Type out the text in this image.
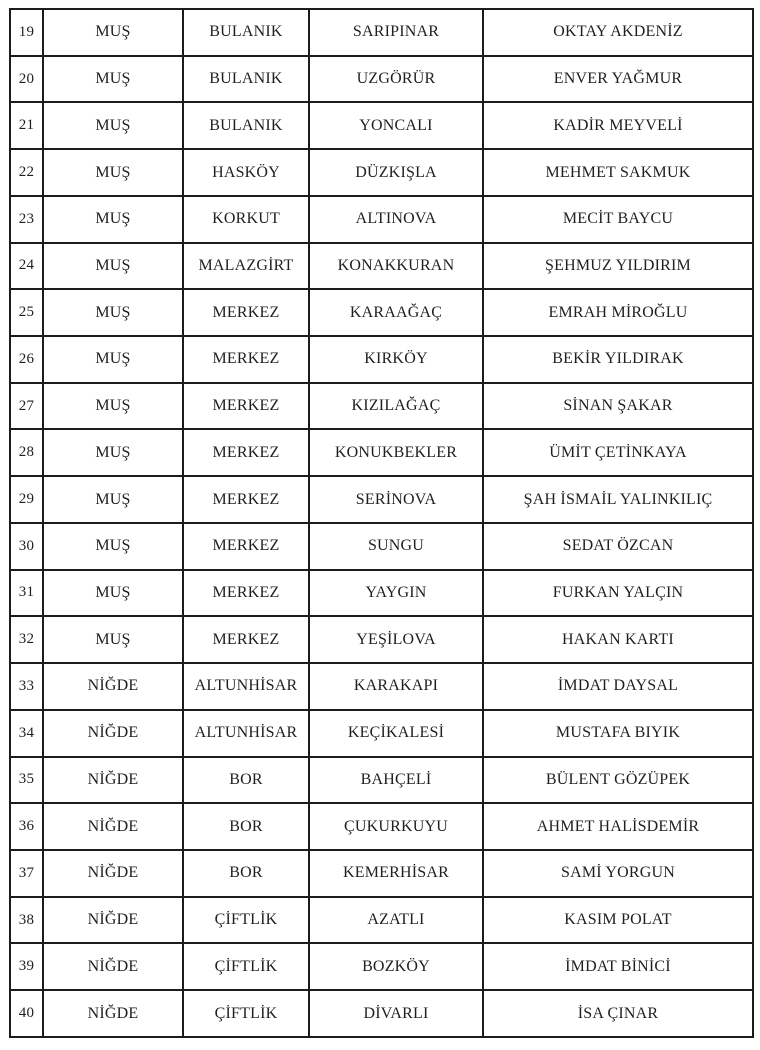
19	MUŞ	BULANIK	SARIPINAR	OKTAY AKDENİZ
20	MUŞ	BULANIK	UZGÖRÜR	ENVER YAĞMUR
21	MUŞ	BULANIK	YONCALI	KADİR MEYVELİ
22	MUŞ	HASKÖY	DÜZKIŞLA	MEHMET SAKMUK
23	MUŞ	KORKUT	ALTINOVA	MECİT BAYCU
24	MUŞ	MALAZGİRT	KONAKKURAN	ŞEHMUZ YILDIRIM
25	MUŞ	MERKEZ	KARAAĞAÇ	EMRAH MİROĞLU
26	MUŞ	MERKEZ	KIRKÖY	BEKİR YILDIRAK
27	MUŞ	MERKEZ	KIZILAĞAÇ	SİNAN ŞAKAR
28	MUŞ	MERKEZ	KONUKBEKLER	ÜMİT ÇETİNKAYA
29	MUŞ	MERKEZ	SERİNOVA	ŞAH İSMAİL YALINKILIÇ
30	MUŞ	MERKEZ	SUNGU	SEDAT ÖZCAN
31	MUŞ	MERKEZ	YAYGIN	FURKAN YALÇIN
32	MUŞ	MERKEZ	YEŞİLOVA	HAKAN KARTI
33	NİĞDE	ALTUNHİSAR	KARAKAPI	İMDAT DAYSAL
34	NİĞDE	ALTUNHİSAR	KEÇİKALESİ	MUSTAFA BIYIK
35	NİĞDE	BOR	BAHÇELİ	BÜLENT GÖZÜPEK
36	NİĞDE	BOR	ÇUKURKUYU	AHMET HALİSDEMİR
37	NİĞDE	BOR	KEMERHİSAR	SAMİ YORGUN
38	NİĞDE	ÇİFTLİK	AZATLI	KASIM POLAT
39	NİĞDE	ÇİFTLİK	BOZKÖY	İMDAT BİNİCİ
40	NİĞDE	ÇİFTLİK	DİVARLI	İSA ÇINAR
